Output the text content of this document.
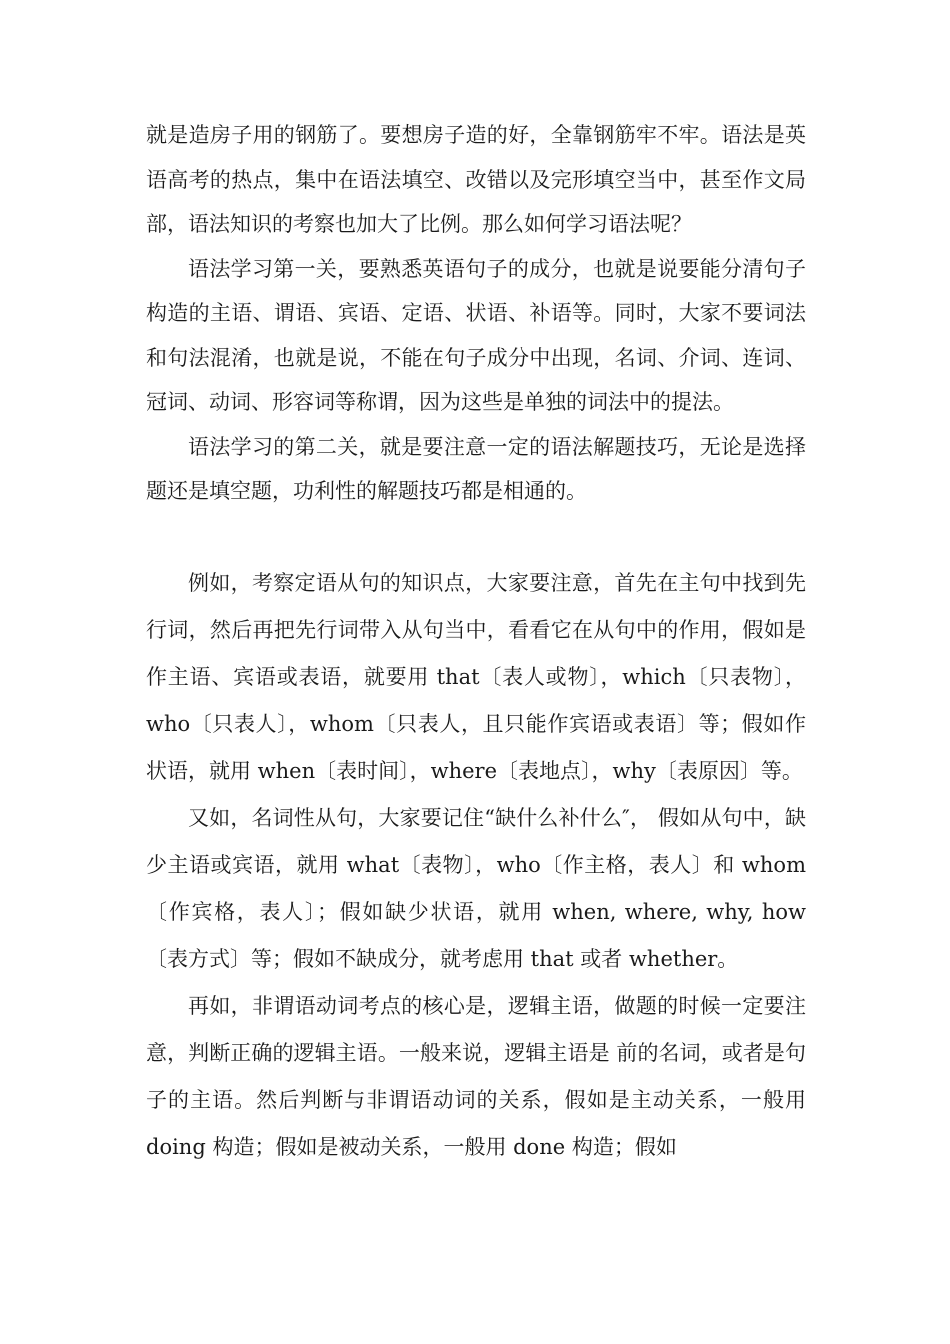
就是造房子用的钢筋了。要想房子造的好，全靠钢筋牢不牢。语法是英语高考的热点，集中在语法填空、改错以及完形填空当中，甚至作文局部，语法知识的考察也加大了比例。那么如何学习语法呢？

语法学习第一关，要熟悉英语句子的成分，也就是说要能分清句子构造的主语、谓语、宾语、定语、状语、补语等。同时，大家不要词法和句法混淆，也就是说，不能在句子成分中出现，名词、介词、连词、冠词、动词、形容词等称谓，因为这些是单独的词法中的提法。

语法学习的第二关，就是要注意一定的语法解题技巧，无论是选择题还是填空题，功利性的解题技巧都是相通的。

例如，考察定语从句的知识点，大家要注意，首先在主句中找到先行词，然后再把先行词带入从句当中，看看它在从句中的作用，假如是作主语、宾语或表语，就要用 that〔表人或物〕，which〔只表物〕，who〔只表人〕，whom〔只表人，且只能作宾语或表语〕等；假如作状语，就用 when〔表时间〕，where〔表地点〕，why〔表原因〕等。

又如，名词性从句，大家要记住“缺什么补什么″， 假如从句中，缺少主语或宾语，就用 what〔表物〕，who〔作主格，表人〕和 whom〔作宾格，表人〕；假如缺少状语，就用 when, where, why, how〔表方式〕等；假如不缺成分，就考虑用 that 或者 whether。

再如，非谓语动词考点的核心是，逻辑主语，做题的时候一定要注意，判断正确的逻辑主语。一般来说，逻辑主语是 前的名词，或者是句子的主语。然后判断与非谓语动词的关系，假如是主动关系，一般用 doing 构造；假如是被动关系，一般用 done 构造；假如
